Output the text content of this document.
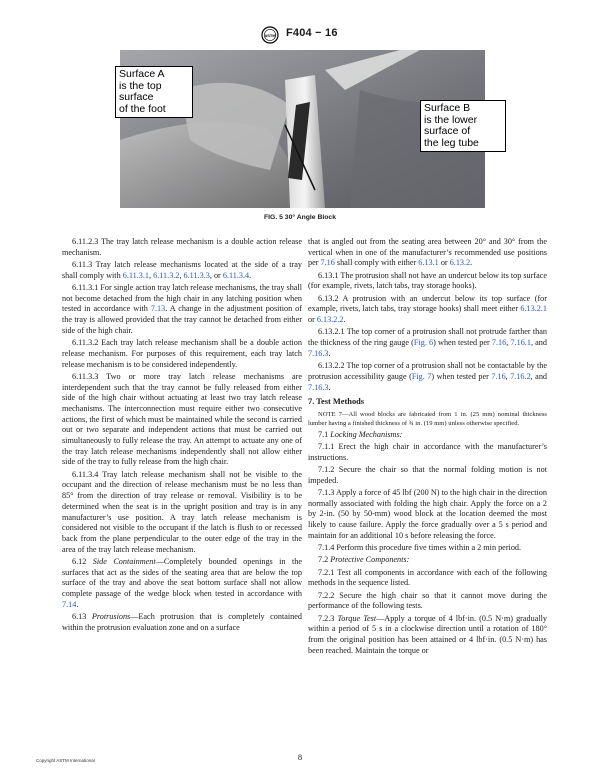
ASTM F404 − 16
Surface A
is the top
surface
of the foot	Surface B
is the lower
surface of
the leg tube
FIG. 5 30° Angle Block

6.11.2.3 The tray latch release mechanism is a double action release mechanism.

6.11.3 Tray latch release mechanisms located at the side of a tray shall comply with 6.11.3.1, 6.11.3.2, 6.11.3.3, or 6.11.3.4.

6.11.3.1 For single action tray latch release mechanisms, the tray shall not become detached from the high chair in any latching position when tested in accordance with 7.13. A change in the adjustment position of the tray is allowed provided that the tray cannot be detached from either side of the high chair.

6.11.3.2 Each tray latch release mechanism shall be a double action release mechanism. For purposes of this requirement, each tray latch release mechanism is to be considered independently.

6.11.3.3 Two or more tray latch release mechanisms are interdependent such that the tray cannot be fully released from either side of the high chair without actuating at least two tray latch release mechanisms. The interconnection must require either two consecutive actions, the first of which must be maintained while the second is carried out or two separate and independent actions that must be carried out simultaneously to fully release the tray. An attempt to actuate any one of the tray latch release mechanisms independently shall not allow either side of the tray to fully release from the high chair.

6.11.3.4 Tray latch release mechanism shall not be visible to the occupant and the direction of release mechanism must be no less than 85° from the direction of tray release or removal. Visibility is to be determined when the seat is in the upright position and tray is in any manufacturer’s use position. A tray latch release mechanism is considered not visible to the occupant if the latch is flush to or recessed back from the plane perpendicular to the outer edge of the tray in the area of the tray latch release mechanism.

6.12 Side Containment—Completely bounded openings in the surfaces that act as the sides of the seating area that are below the top surface of the tray and above the seat bottom surface shall not allow complete passage of the wedge block when tested in accordance with 7.14.

6.13 Protrusions—Each protrusion that is completely contained within the protrusion evaluation zone and on a surface

that is angled out from the seating area between 20° and 30° from the vertical when in one of the manufacturer’s recommended use positions per 7.16 shall comply with either 6.13.1 or 6.13.2.

6.13.1 The protrusion shall not have an undercut below its top surface (for example, rivets, latch tabs, tray storage hooks).

6.13.2 A protrusion with an undercut below its top surface (for example, rivets, latch tabs, tray storage hooks) shall meet either 6.13.2.1 or 6.13.2.2.

6.13.2.1 The top corner of a protrusion shall not protrude farther than the thickness of the ring gauge (Fig. 6) when tested per 7.16, 7.16.1, and 7.16.3.

6.13.2.2 The top corner of a protrusion shall not be contactable by the protrusion accessibility gauge (Fig. 7) when tested per 7.16, 7.16.2, and 7.16.3.

7. Test Methods

NOTE 7—All wood blocks are fabricated from 1 in. (25 mm) nominal thickness lumber having a finished thickness of ¾ in. (19 mm) unless otherwise specified.

7.1 Locking Mechanisms:

7.1.1 Erect the high chair in accordance with the manufacturer’s instructions.

7.1.2 Secure the chair so that the normal folding motion is not impeded.

7.1.3 Apply a force of 45 lbf (200 N) to the high chair in the direction normally associated with folding the high chair. Apply the force on a 2 by 2-in. (50 by 50-mm) wood block at the location deemed the most likely to cause failure. Apply the force gradually over a 5 s period and maintain for an additional 10 s before releasing the force.

7.1.4 Perform this procedure five times within a 2 min period.

7.2 Protective Components:

7.2.1 Test all components in accordance with each of the following methods in the sequence listed.

7.2.2 Secure the high chair so that it cannot move during the performance of the following tests.

7.2.3 Torque Test—Apply a torque of 4 lbf·in. (0.5 N·m) gradually within a period of 5 s in a clockwise direction until a rotation of 180° from the original position has been attained or 4 lbf·in. (0.5 N·m) has been reached. Maintain the torque or

Copyright ASTM International	8
